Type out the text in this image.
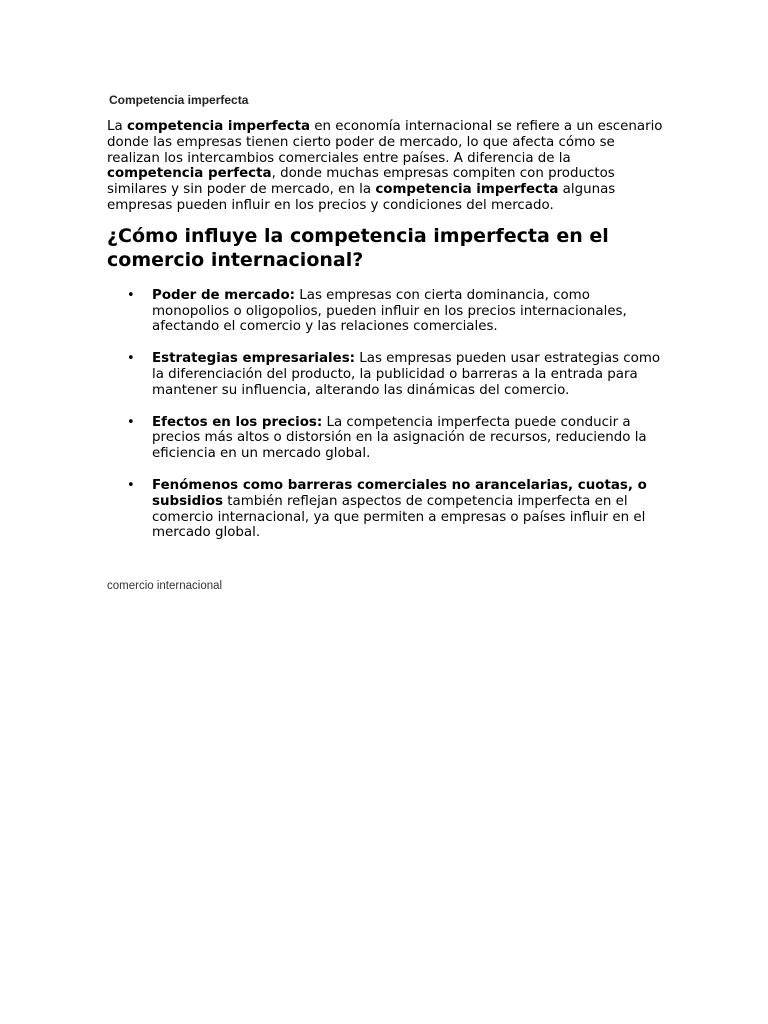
Competencia imperfecta

La competencia imperfecta en economía internacional se refiere a un escenario donde las empresas tienen cierto poder de mercado, lo que afecta cómo se realizan los intercambios comerciales entre países. A diferencia de la competencia perfecta, donde muchas empresas compiten con productos similares y sin poder de mercado, en la competencia imperfecta algunas empresas pueden influir en los precios y condiciones del mercado.

¿Cómo influye la competencia imperfecta en el comercio internacional?
• Poder de mercado: Las empresas con cierta dominancia, como monopolios o oligopolios, pueden influir en los precios internacionales, afectando el comercio y las relaciones comerciales.
• Estrategias empresariales: Las empresas pueden usar estrategias como la diferenciación del producto, la publicidad o barreras a la entrada para mantener su influencia, alterando las dinámicas del comercio.
• Efectos en los precios: La competencia imperfecta puede conducir a precios más altos o distorsión en la asignación de recursos, reduciendo la eficiencia en un mercado global.
• Fenómenos como barreras comerciales no arancelarias, cuotas, o subsidios también reflejan aspectos de competencia imperfecta en el comercio internacional, ya que permiten a empresas o países influir en el mercado global.
comercio internacional
